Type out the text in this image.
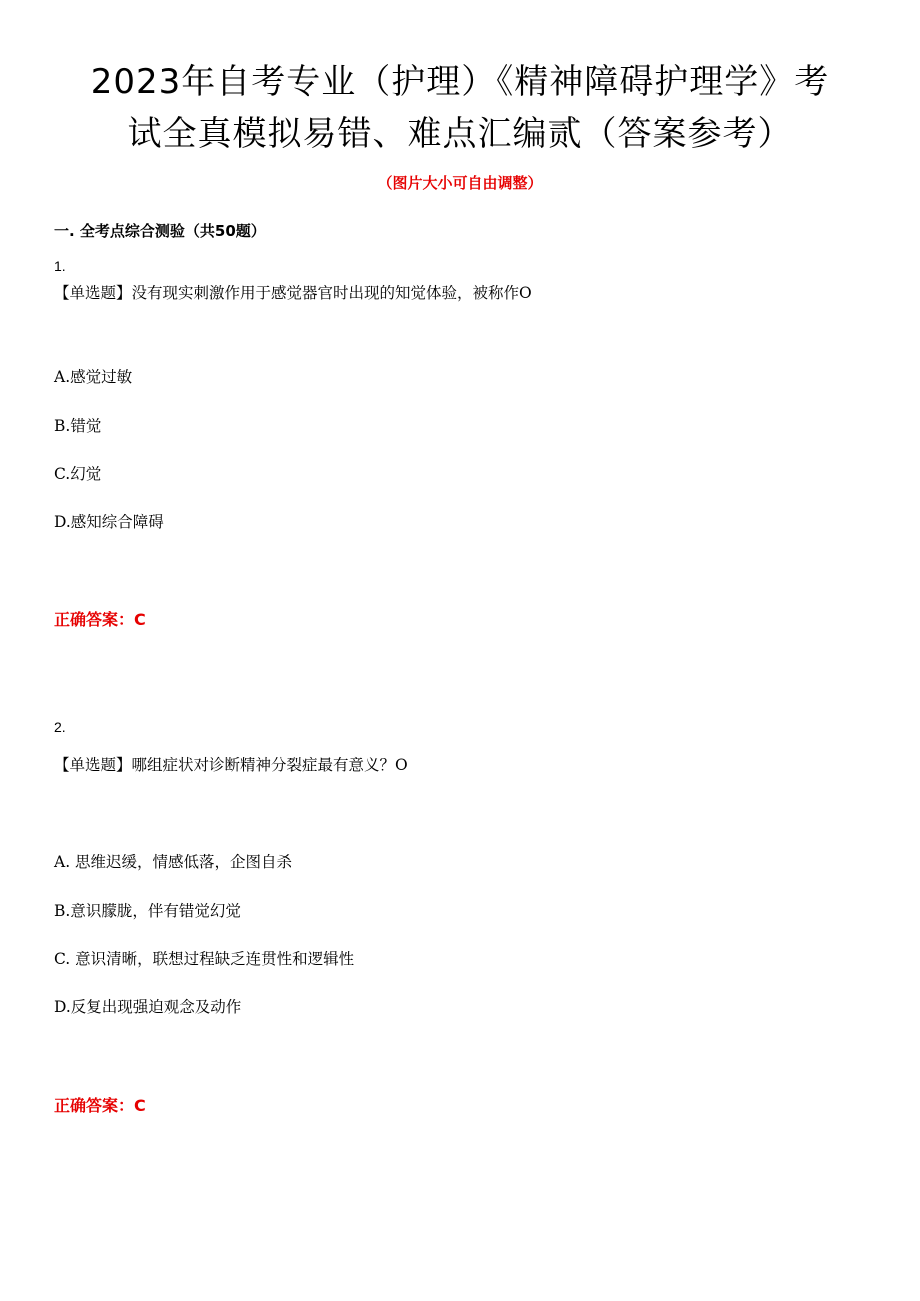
2023年自考专业（护理）《精神障碍护理学》考
试全真模拟易错、难点汇编贰（答案参考）
（图片大小可自由调整）
一. 全考点综合测验（共50题）
1.
【单选题】没有现实刺激作用于感觉器官时出现的知觉体验，被称作O
A.感觉过敏
B.错觉
C.幻觉
D.感知综合障碍
正确答案：C
2.
【单选题】哪组症状对诊断精神分裂症最有意义？O
A. 思维迟缓，情感低落，企图自杀
B.意识朦胧，伴有错觉幻觉
C. 意识清晰，联想过程缺乏连贯性和逻辑性
D.反复出现强迫观念及动作
正确答案：C
